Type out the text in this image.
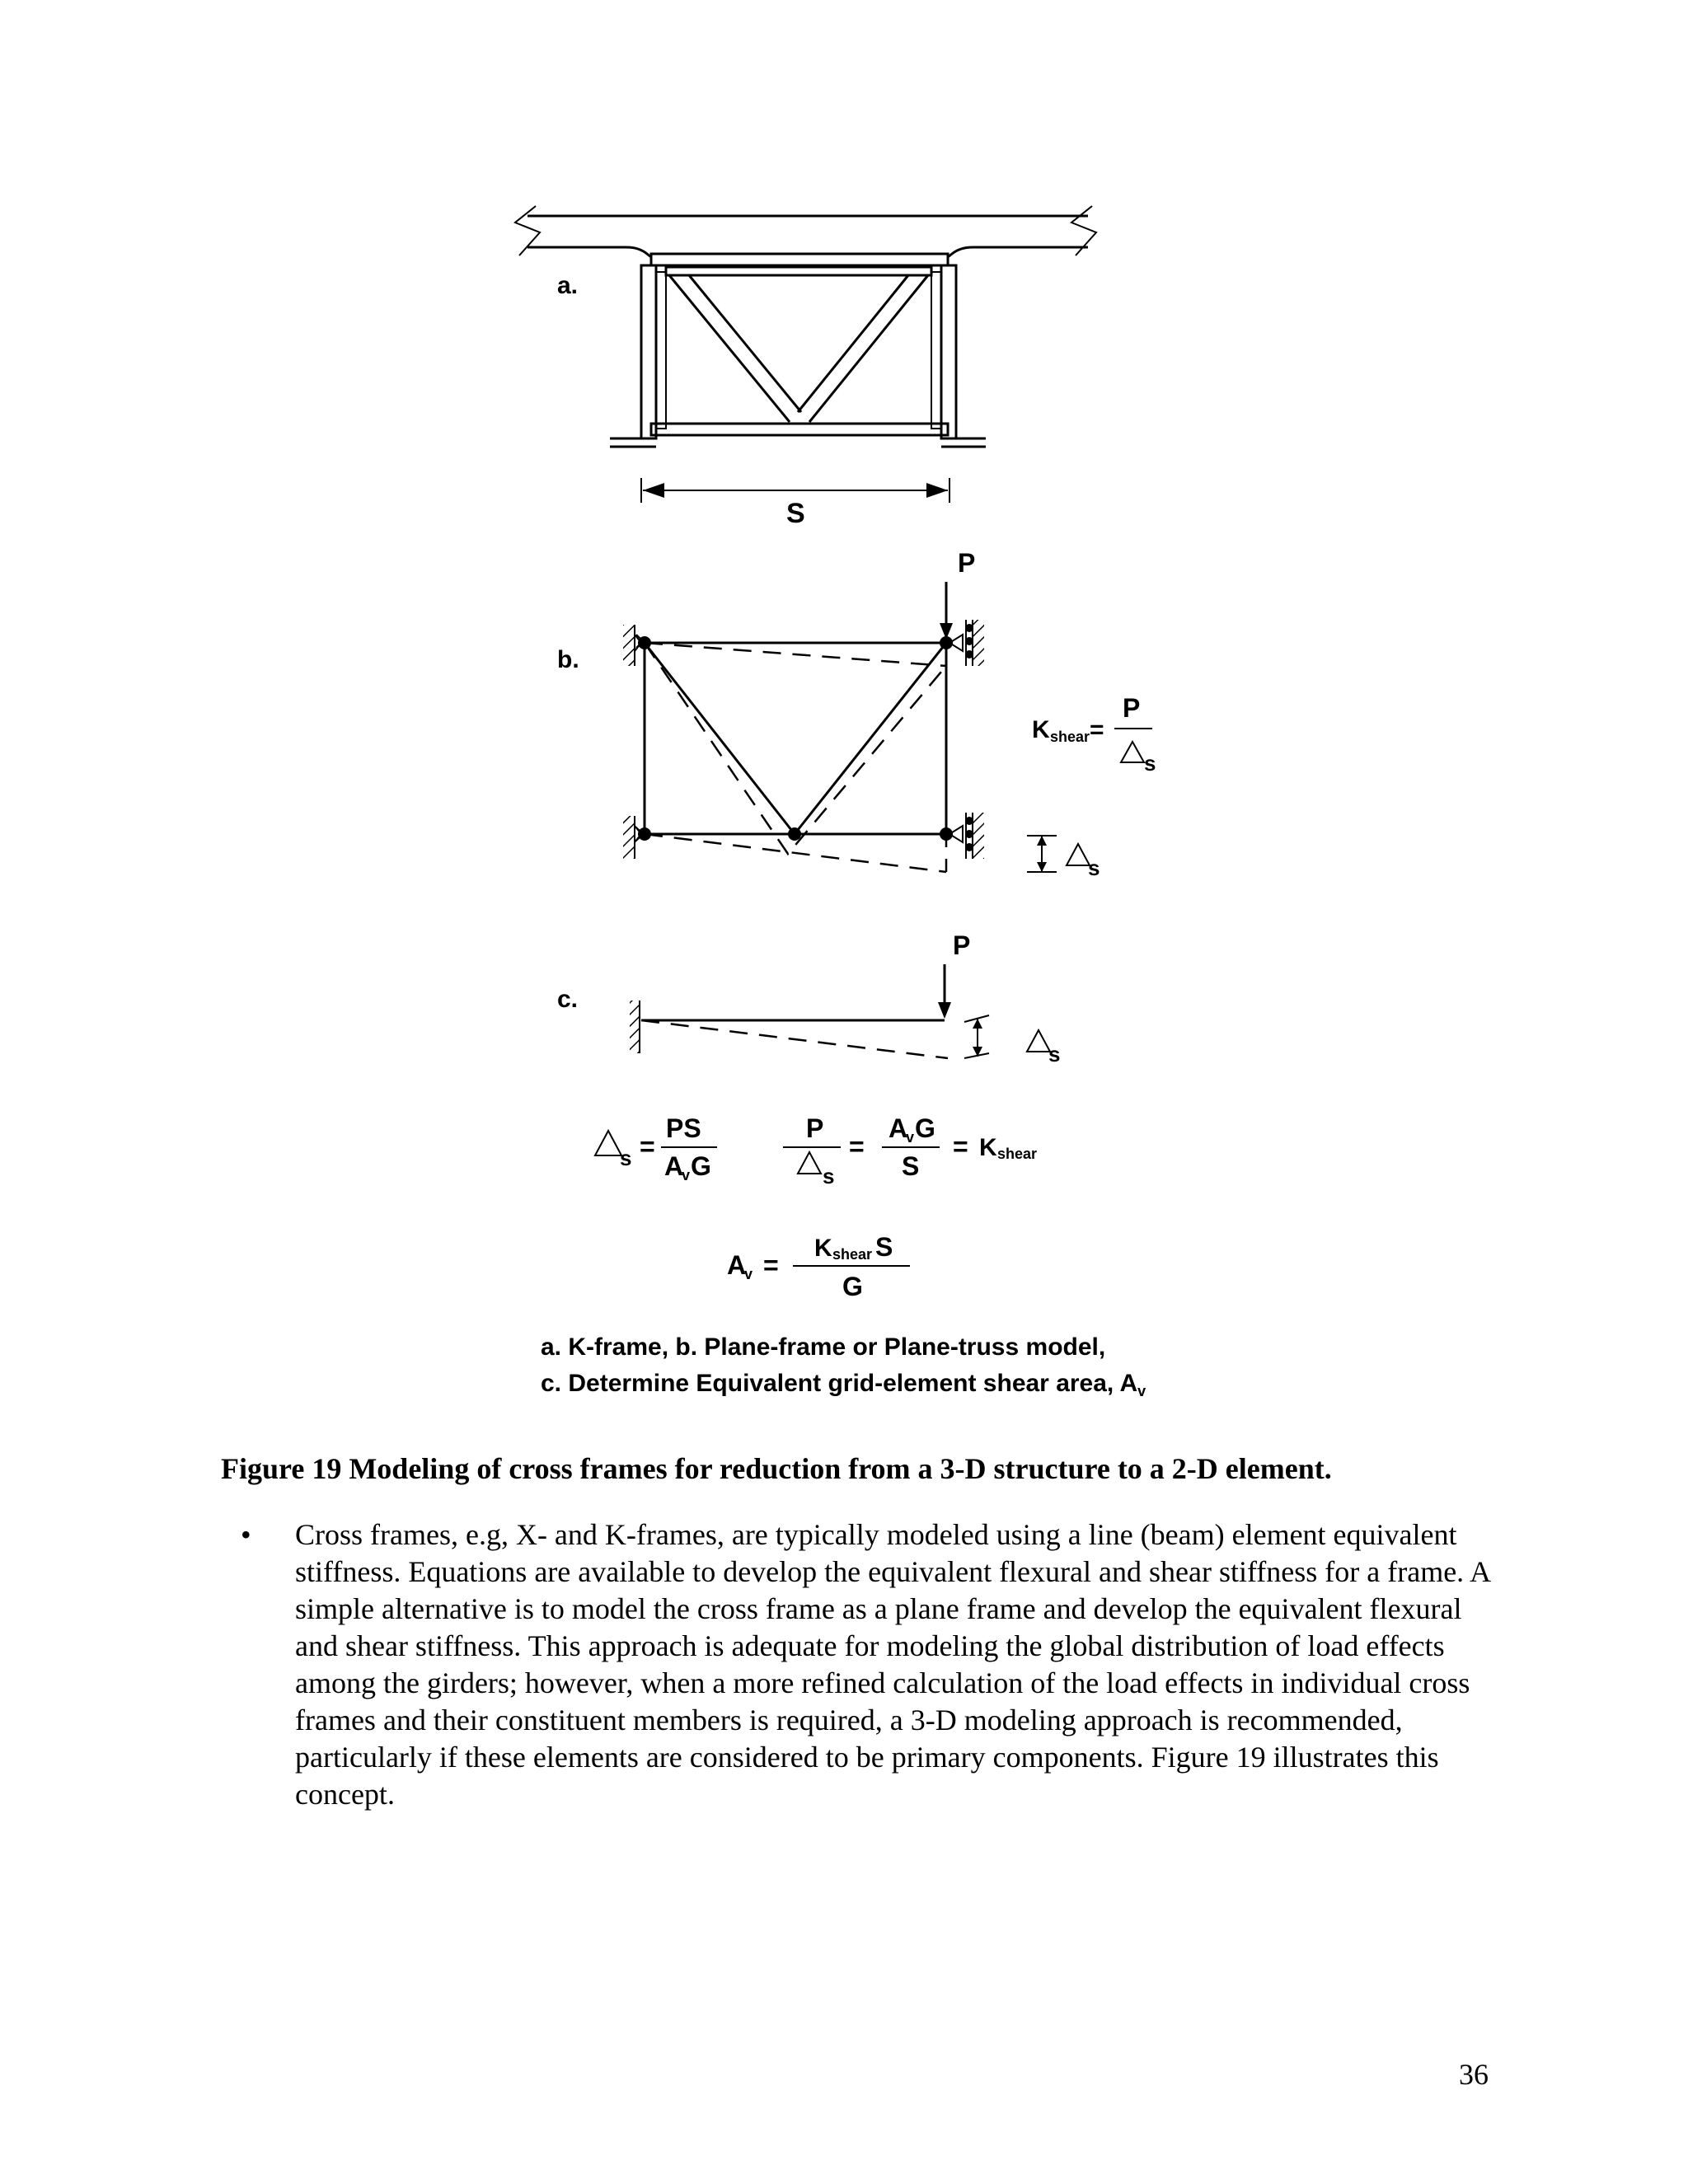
a.
S
b.
P
K shear =
P
s
s
c.
P
s
s =
PS
A
v G
P
s
=
A
v G
S
= K shear
A
v =
K shear S
G
a. K-frame, b. Plane-frame or Plane-truss model,
c. Determine Equivalent grid-element shear area, $A_v$

Figure 19 Modeling of cross frames for reduction from a 3-D structure to a 2-D element.

• Cross frames, e.g, X- and K-frames, are typically modeled using a line (beam) element equivalent stiffness. Equations are available to develop the equivalent flexural and shear stiffness for a frame. A simple alternative is to model the cross frame as a plane frame and develop the equivalent flexural and shear stiffness. This approach is adequate for modeling the global distribution of load effects among the girders; however, when a more refined calculation of the load effects in individual cross frames and their constituent members is required, a 3-D modeling approach is recommended, particularly if these elements are considered to be primary components. Figure 19 illustrates this concept.

36
